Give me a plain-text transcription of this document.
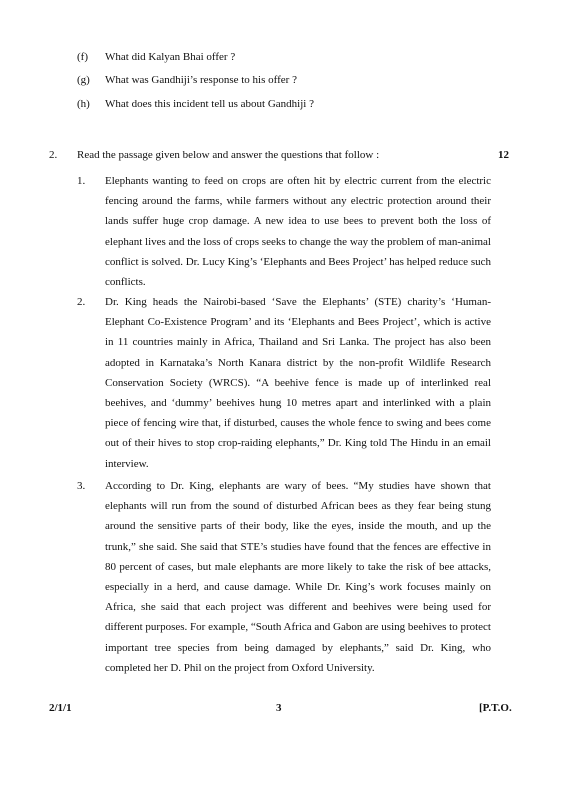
(f) What did Kalyan Bhai offer ?
(g) What was Gandhiji’s response to his offer ?
(h) What does this incident tell us about Gandhiji ?
2. Read the passage given below and answer the questions that follow :	12
1. Elephants wanting to feed on crops are often hit by electric current from the electric fencing around the farms, while farmers without any electric protection around their lands suffer huge crop damage. A new idea to use bees to prevent both the loss of elephant lives and the loss of crops seeks to change the way the problem of man-animal conflict is solved. Dr. Lucy King’s ‘Elephants and Bees Project’ has helped reduce such conflicts.
2. Dr. King heads the Nairobi-based ‘Save the Elephants’ (STE) charity’s ‘Human-Elephant Co-Existence Program’ and its ‘Elephants and Bees Project’, which is active in 11 countries mainly in Africa, Thailand and Sri Lanka. The project has also been adopted in Karnataka’s North Kanara district by the non-profit Wildlife Research Conservation Society (WRCS). “A beehive fence is made up of interlinked real beehives, and ‘dummy’ beehives hung 10 metres apart and interlinked with a plain piece of fencing wire that, if disturbed, causes the whole fence to swing and bees come out of their hives to stop crop-raiding elephants,” Dr. King told The Hindu in an email interview.
3. According to Dr. King, elephants are wary of bees. “My studies have shown that elephants will run from the sound of disturbed African bees as they fear being stung around the sensitive parts of their body, like the eyes, inside the mouth, and up the trunk,” she said. She said that STE’s studies have found that the fences are effective in 80 percent of cases, but male elephants are more likely to take the risk of bee attacks, especially in a herd, and cause damage. While Dr. King’s work focuses mainly on Africa, she said that each project was different and beehives were being used for different purposes. For example, “South Africa and Gabon are using beehives to protect important tree species from being damaged by elephants,” said Dr. King, who completed her D. Phil on the project from Oxford University.
2/1/1	3	[P.T.O.
